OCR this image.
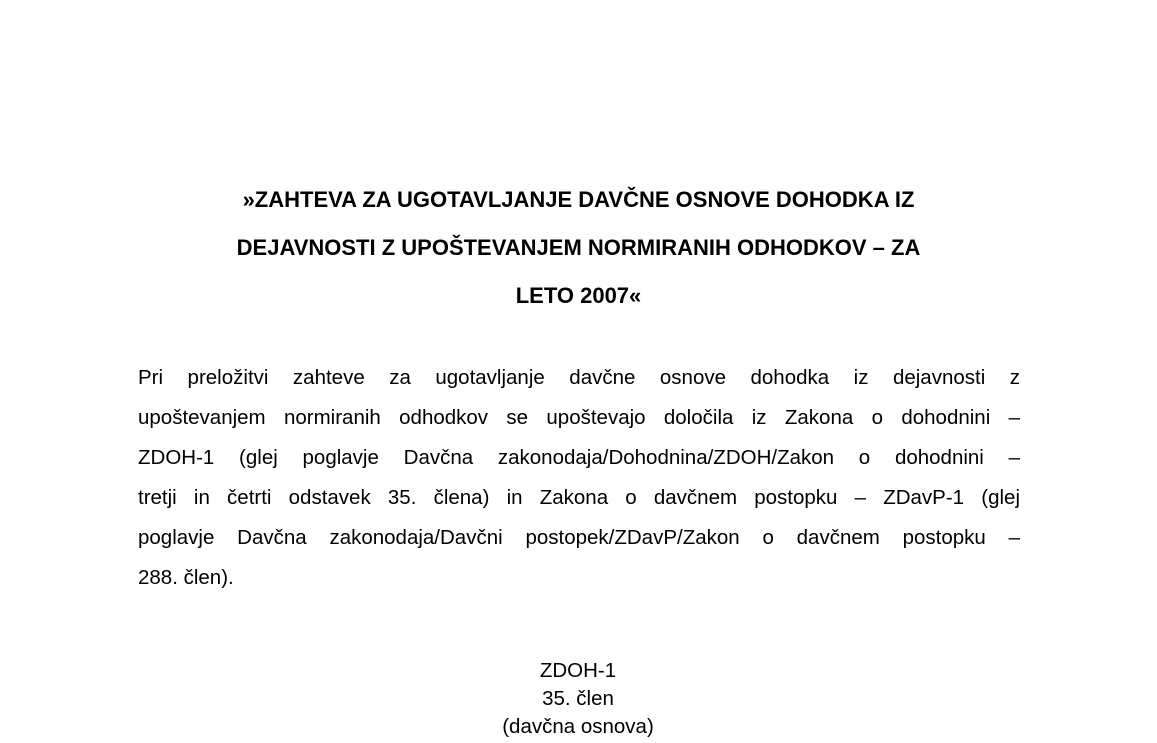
»ZAHTEVA ZA UGOTAVLJANJE DAVČNE OSNOVE DOHODKA IZ
DEJAVNOSTI Z UPOŠTEVANJEM NORMIRANIH ODHODKOV – ZA
LETO 2007«
Pri preložitvi zahteve za ugotavljanje davčne osnove dohodka iz dejavnosti z
upoštevanjem normiranih odhodkov se upoštevajo določila iz Zakona o dohodnini –
ZDOH-1 (glej poglavje Davčna zakonodaja/Dohodnina/ZDOH/Zakon o dohodnini –
tretji in četrti odstavek 35. člena) in Zakona o davčnem postopku – ZDavP-1 (glej
poglavje Davčna zakonodaja/Davčni postopek/ZDavP/Zakon o davčnem postopku –
288. člen).
ZDOH-1
35. člen
(davčna osnova)
